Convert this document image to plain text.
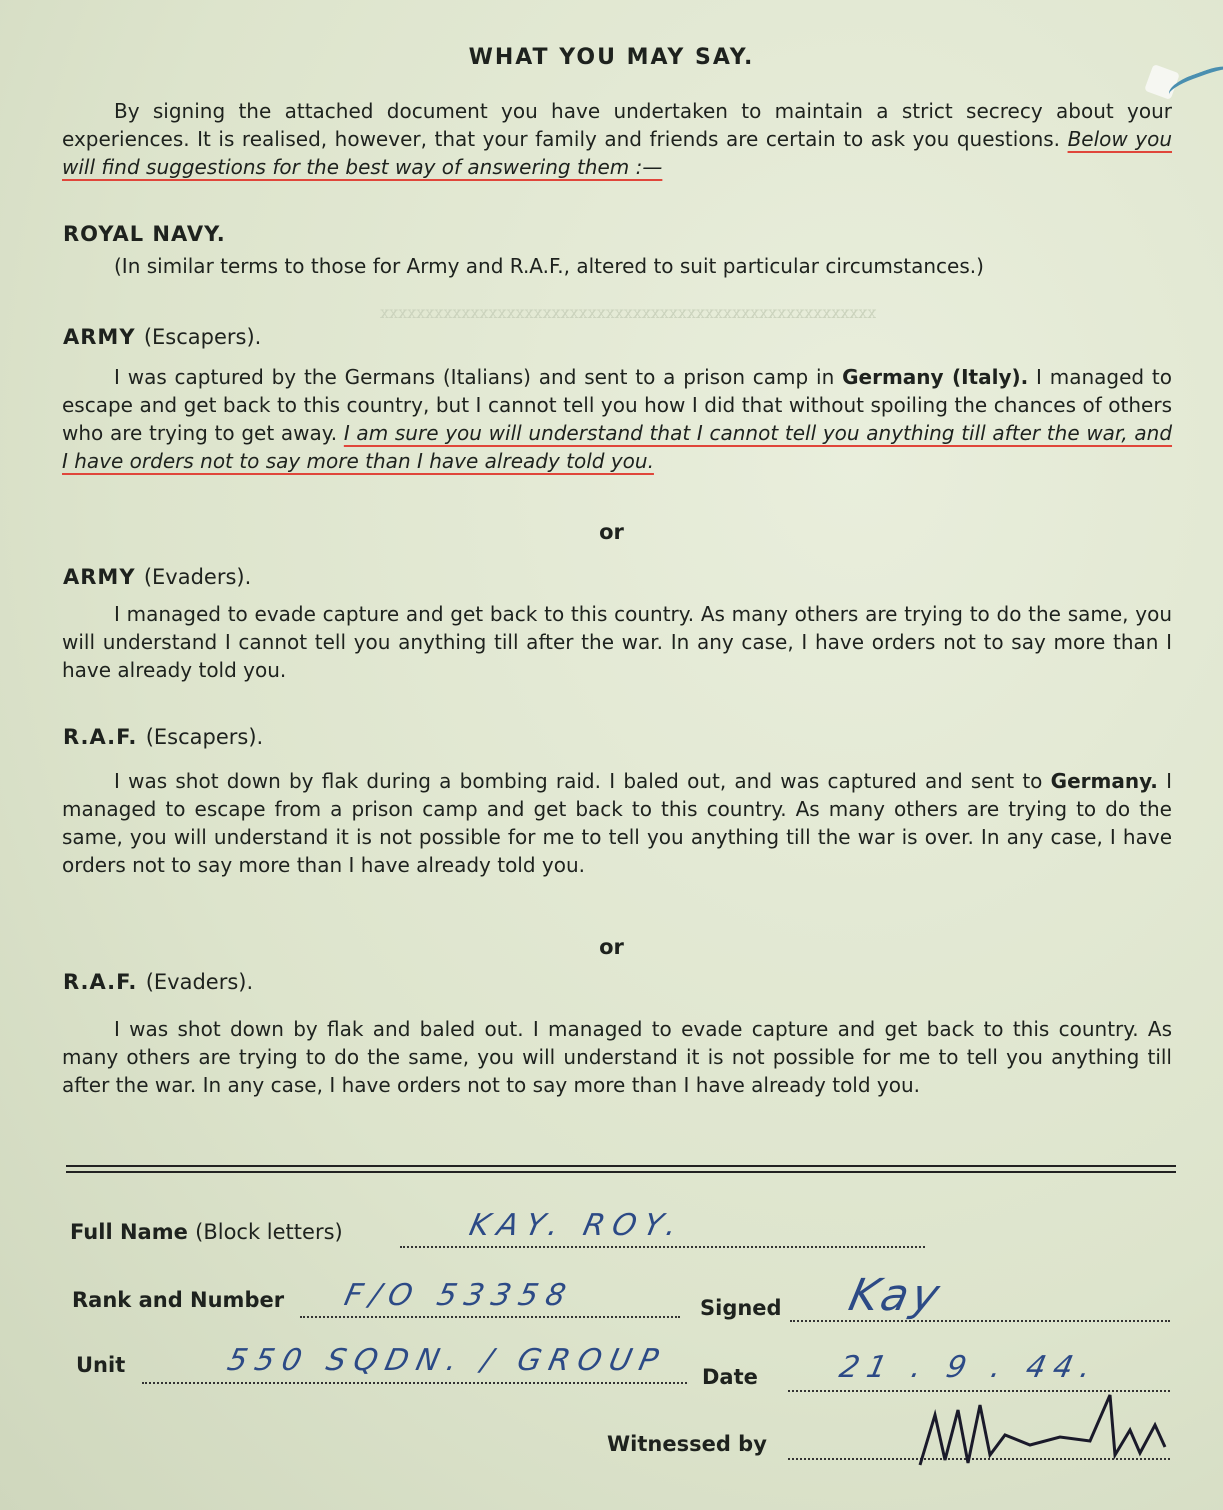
xxxxxxxxxxxxxxxxxxxxxxxxxxxxxxxxxxxxxxxxxxxxxxxxxxxxxxx
WHAT YOU MAY SAY.
By signing the attached document you have undertaken to maintain a strict secrecy about your experiences. It is realised, however, that your family and friends are certain to ask you questions. Below you will find suggestions for the best way of answering them :—
ROYAL NAVY.
(In similar terms to those for Army and R.A.F., altered to suit particular circumstances.)
ARMY (Escapers).
I was captured by the Germans (Italians) and sent to a prison camp in Germany (Italy). I managed to escape and get back to this country, but I cannot tell you how I did that without spoiling the chances of others who are trying to get away. I am sure you will understand that I cannot tell you anything till after the war, and I have orders not to say more than I have already told you.
or
ARMY (Evaders).
I managed to evade capture and get back to this country. As many others are trying to do the same, you will understand I cannot tell you anything till after the war. In any case, I have orders not to say more than I have already told you.
R.A.F. (Escapers).
I was shot down by flak during a bombing raid. I baled out, and was captured and sent to Germany. I managed to escape from a prison camp and get back to this country. As many others are trying to do the same, you will understand it is not possible for me to tell you anything till the war is over. In any case, I have orders not to say more than I have already told you.
or
R.A.F. (Evaders).
I was shot down by flak and baled out. I managed to evade capture and get back to this country. As many others are trying to do the same, you will understand it is not possible for me to tell you anything till after the war. In any case, I have orders not to say more than I have already told you.
Full Name (Block letters)	KAY. ROY.
Rank and Number F/O 53358	Signed Kay
Unit	550 SQDN. / GROUP Date	21 . 9 . 44.
Witnessed by
